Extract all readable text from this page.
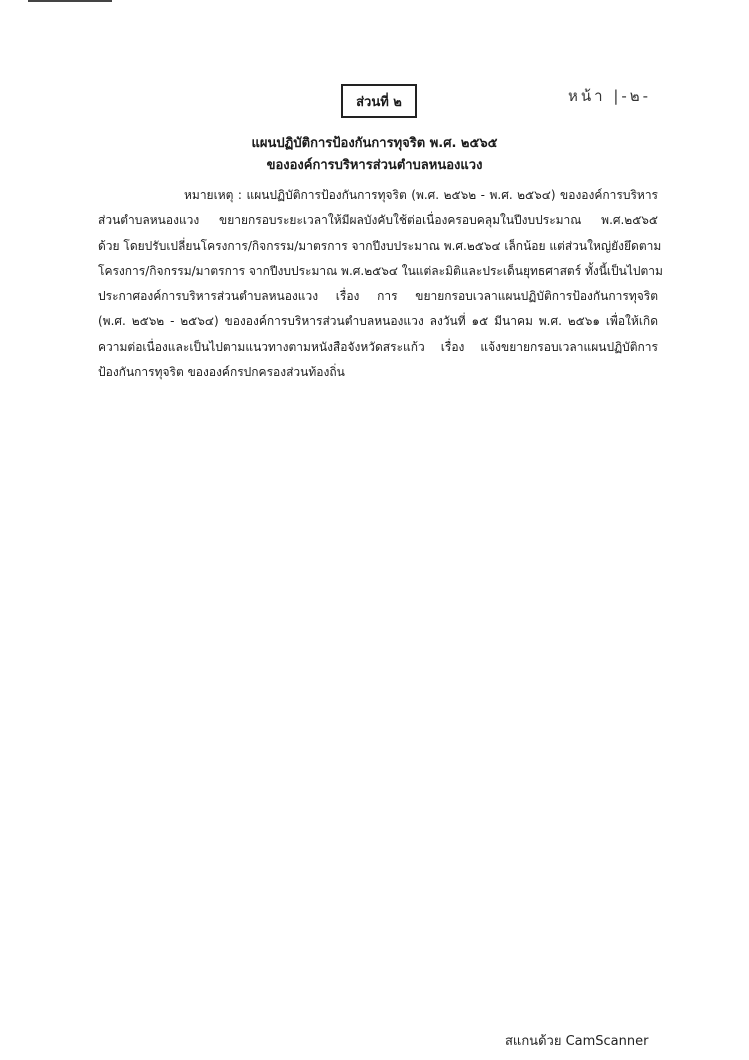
หน้า |-๒-
ส่วนที่ ๒
แผนปฏิบัติการป้องกันการทุจริต พ.ศ. ๒๕๖๕
ขององค์การบริหารส่วนตำบลหนองแวง
หมายเหตุ : แผนปฏิบัติการป้องกันการทุจริต (พ.ศ. ๒๕๖๒ - พ.ศ. ๒๕๖๔) ขององค์การบริหาร
ส่วนตำบลหนองแวง ขยายกรอบระยะเวลาให้มีผลบังคับใช้ต่อเนื่องครอบคลุมในปีงบประมาณ พ.ศ.๒๕๖๕
ด้วย โดยปรับเปลี่ยนโครงการ/กิจกรรม/มาตรการ จากปีงบประมาณ พ.ศ.๒๕๖๔ เล็กน้อย แต่ส่วนใหญ่ยังยึดตาม
โครงการ/กิจกรรม/มาตรการ จากปีงบประมาณ พ.ศ.๒๕๖๔ ในแต่ละมิติและประเด็นยุทธศาสตร์ ทั้งนี้เป็นไปตาม
ประกาศองค์การบริหารส่วนตำบลหนองแวง เรื่อง การ ขยายกรอบเวลาแผนปฏิบัติการป้องกันการทุจริต
(พ.ศ. ๒๕๖๒ - ๒๕๖๔) ขององค์การบริหารส่วนตำบลหนองแวง ลงวันที่ ๑๕ มีนาคม พ.ศ. ๒๕๖๑ เพื่อให้เกิด
ความต่อเนื่องและเป็นไปตามแนวทางตามหนังสือจังหวัดสระแก้ว เรื่อง แจ้งขยายกรอบเวลาแผนปฏิบัติการ
ป้องกันการทุจริต ขององค์กรปกครองส่วนท้องถิ่น
สแกนด้วย CamScanner
